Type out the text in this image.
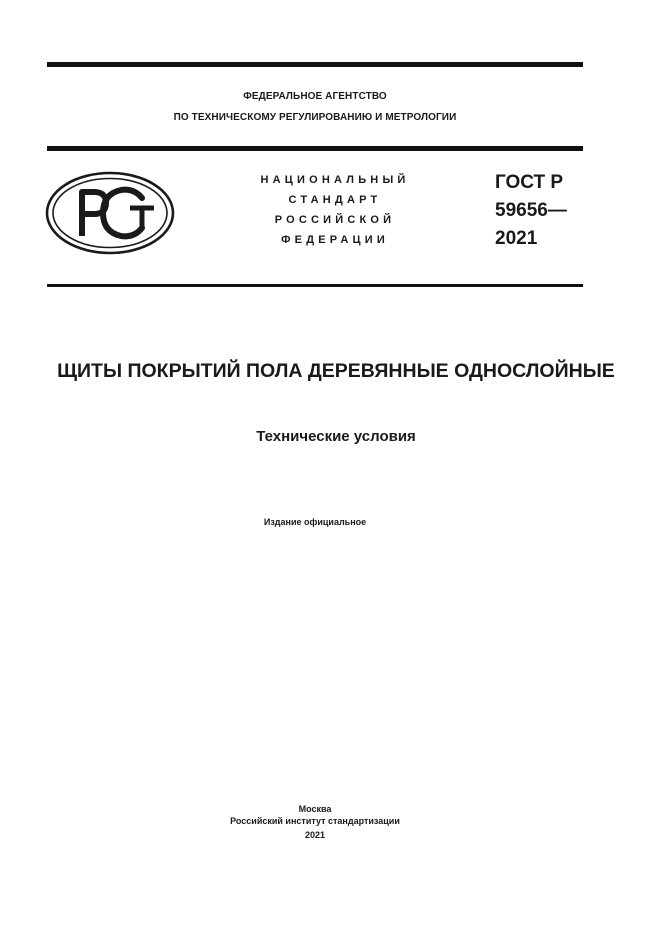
ФЕДЕРАЛЬНОЕ АГЕНТСТВО
ПО ТЕХНИЧЕСКОМУ РЕГУЛИРОВАНИЮ И МЕТРОЛОГИИ
НАЦИОНАЛЬНЫЙ
СТАНДАРТ
РОССИЙСКОЙ
ФЕДЕРАЦИИ
ГОСТ Р
59656—
2021
ЩИТЫ ПОКРЫТИЙ ПОЛА ДЕРЕВЯННЫЕ ОДНОСЛОЙНЫЕ
Технические условия
Издание официальное
Москва
Российский институт стандартизации
2021
